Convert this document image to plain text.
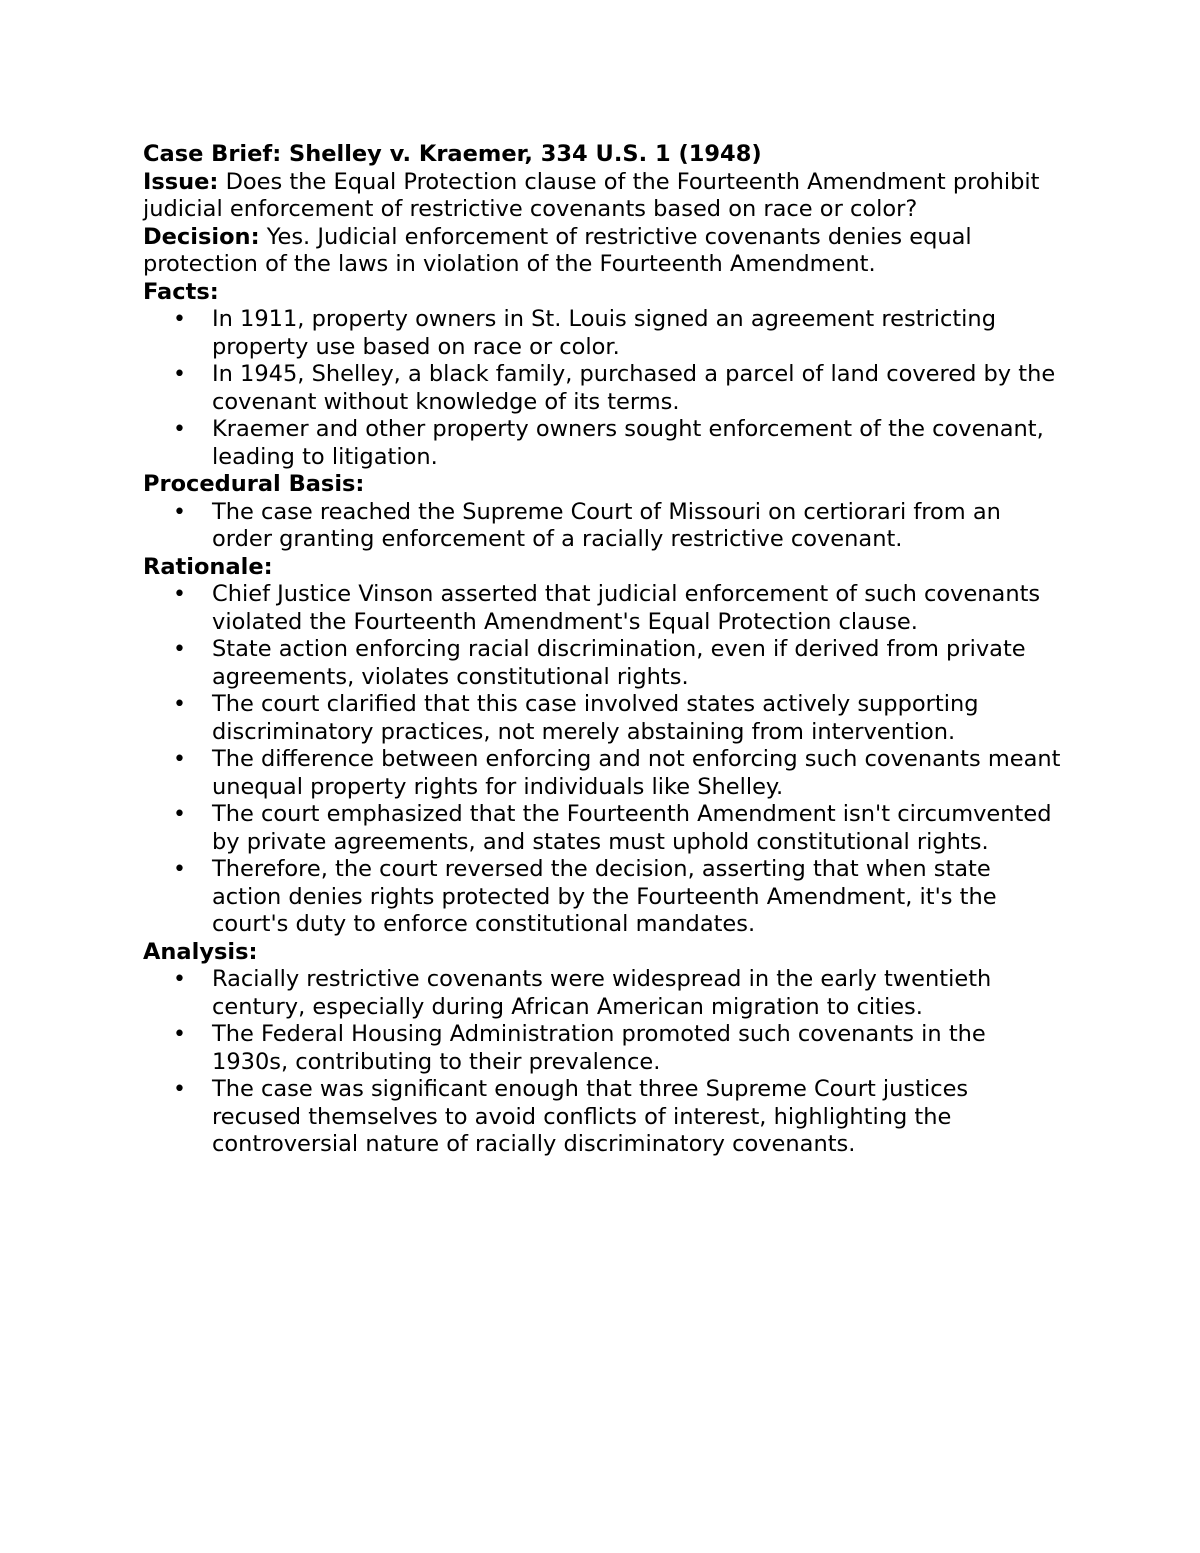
Case Brief: Shelley v. Kraemer, 334 U.S. 1 (1948)

Issue: Does the Equal Protection clause of the Fourteenth Amendment prohibit judicial enforcement of restrictive covenants based on race or color?

Decision: Yes. Judicial enforcement of restrictive covenants denies equal protection of the laws in violation of the Fourteenth Amendment.

Facts:

• In 1911, property owners in St. Louis signed an agreement restricting property use based on race or color.
• In 1945, Shelley, a black family, purchased a parcel of land covered by the covenant without knowledge of its terms.
• Kraemer and other property owners sought enforcement of the covenant, leading to litigation.

Procedural Basis:

• The case reached the Supreme Court of Missouri on certiorari from an order granting enforcement of a racially restrictive covenant.

Rationale:

• Chief Justice Vinson asserted that judicial enforcement of such covenants violated the Fourteenth Amendment's Equal Protection clause.
• State action enforcing racial discrimination, even if derived from private agreements, violates constitutional rights.
• The court clarified that this case involved states actively supporting discriminatory practices, not merely abstaining from intervention.
• The difference between enforcing and not enforcing such covenants meant unequal property rights for individuals like Shelley.
• The court emphasized that the Fourteenth Amendment isn't circumvented by private agreements, and states must uphold constitutional rights.
• Therefore, the court reversed the decision, asserting that when state action denies rights protected by the Fourteenth Amendment, it's the court's duty to enforce constitutional mandates.

Analysis:

• Racially restrictive covenants were widespread in the early twentieth century, especially during African American migration to cities.
• The Federal Housing Administration promoted such covenants in the 1930s, contributing to their prevalence.
• The case was significant enough that three Supreme Court justices recused themselves to avoid conflicts of interest, highlighting the controversial nature of racially discriminatory covenants.
